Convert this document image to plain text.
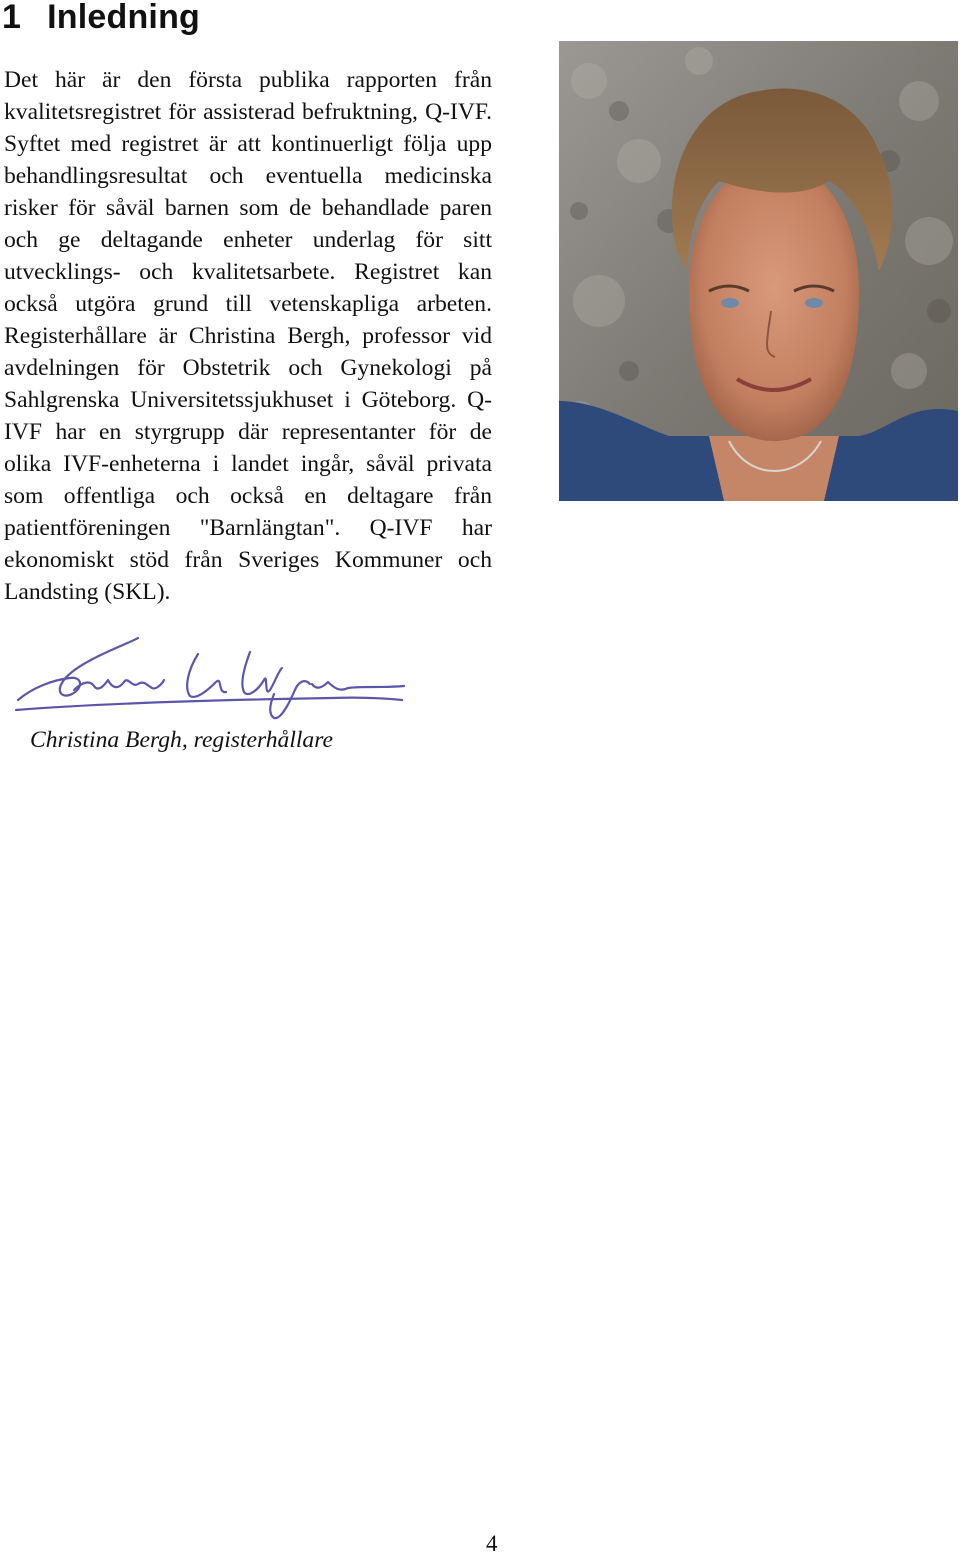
1 Inledning

Det här är den första publika rapporten från kvalitetsregistret för assisterad befruktning, Q-IVF. Syftet med registret är att kontinuerligt följa upp behandlingsresultat och eventuella medicinska risker för såväl barnen som de behandlade paren och ge deltagande enheter underlag för sitt utvecklings- och kvalitetsarbete. Registret kan också utgöra grund till vetenskapliga arbeten. Registerhållare är Christina Bergh, professor vid avdelningen för Obstetrik och Gynekologi på Sahlgrenska Universitetssjukhuset i Göteborg. Q-IVF har en styrgrupp där representanter för de olika IVF-enheterna i landet ingår, såväl privata som offentliga och också en deltagare från patientföreningen "Barnlängtan". Q-IVF har ekonomiskt stöd från Sveriges Kommuner och Landsting (SKL).

Christina Bergh, registerhållare

4
